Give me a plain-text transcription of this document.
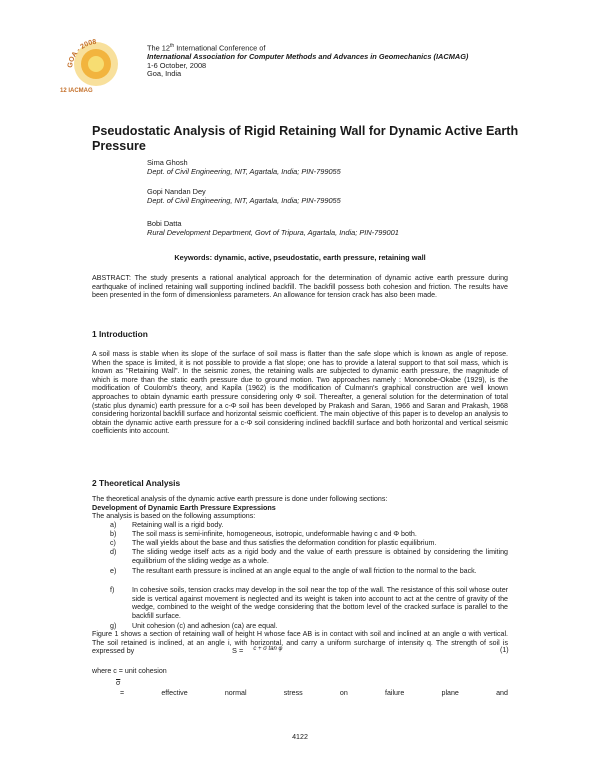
GOA - 2008
12 IACMAG
The 12th International Conference of
International Association for Computer Methods and Advances in Geomechanics (IACMAG)
1-6 October, 2008
Goa, India
Pseudostatic Analysis of Rigid Retaining Wall for Dynamic Active Earth Pressure
Sima Ghosh
Dept. of Civil Engineering, NIT, Agartala, India; PIN-799055
Gopi Nandan Dey
Dept. of Civil Engineering, NIT, Agartala, India; PIN-799055
Bobi Datta
Rural Development Department, Govt of Tripura, Agartala, India; PIN-799001
Keywords: dynamic, active, pseudostatic, earth pressure, retaining wall
ABSTRACT: The study presents a rational analytical approach for the determination of dynamic active earth pressure during earthquake of inclined retaining wall supporting inclined backfill. The backfill possess both cohesion and friction. The results have been presented in the form of dimensionless parameters. An allowance for tension crack has also been made.
1 Introduction
A soil mass is stable when its slope of the surface of soil mass is flatter than the safe slope which is known as angle of repose. When the space is limited, it is not possible to provide a flat slope; one has to provide a lateral support to that soil mass, which is known as "Retaining Wall". In the seismic zones, the retaining walls are subjected to dynamic earth pressure, the magnitude of which is more than the static earth pressure due to ground motion. Two approaches namely : Mononobe-Okabe (1929), is the modification of Coulomb's theory, and Kapila (1962) is the modification of Culmann's graphical construction are well known approaches to obtain dynamic earth pressure considering only Φ soil. Thereafter, a general solution for the determination of total (static plus dynamic) earth pressure for a c-Φ soil has been developed by Prakash and Saran, 1966 and Saran and Prakash, 1968 considering horizontal backfill surface and horizontal seismic coefficient. The main objective of this paper is to develop an analysis to obtain the dynamic active earth pressure for a c-Φ soil considering inclined backfill surface and both horizontal and vertical seismic coefficients into account.
2 Theoretical Analysis
The theoretical analysis of the dynamic active earth pressure is done under following sections:
Development of Dynamic Earth Pressure Expressions
The analysis is based on the following assumptions:
a)	Retaining wall is a rigid body.
b)	The soil mass is semi-infinite, homogeneous, isotropic, undeformable having c and Φ both.
c)	The wall yields about the base and thus satisfies the deformation condition for plastic equilibrium.
d)	The sliding wedge itself acts as a rigid body and the value of earth pressure is obtained by considering the limiting equilibrium of the sliding wedge as a whole.
e)	The resultant earth pressure is inclined at an angle equal to the angle of wall friction to the normal to the back.
f)	In cohesive soils, tension cracks may develop in the soil near the top of the wall. The resistance of this soil whose outer side is vertical against movement is neglected and its weight is taken into account to act at the centre of gravity of the wedge, combined to the weight of the wedge considering that the bottom level of the cracked surface is parallel to the backfill surface.
g)	Unit cohesion (c) and adhesion (ca) are equal.
Figure 1 shows a section of retaining wall of height H whose face AB is in contact with soil and inclined at an angle α with vertical. The soil retained is inclined, at an angle i, with horizontal, and carry a uniform surcharge of intensity q. The strength of soil is expressed by	S = $^{c + \sigma tan \varphi}$	(1)
where c = unit cohesion
$\overline{\sigma}$
=	effective	normal	stress	on	failure	plane	and
4122
